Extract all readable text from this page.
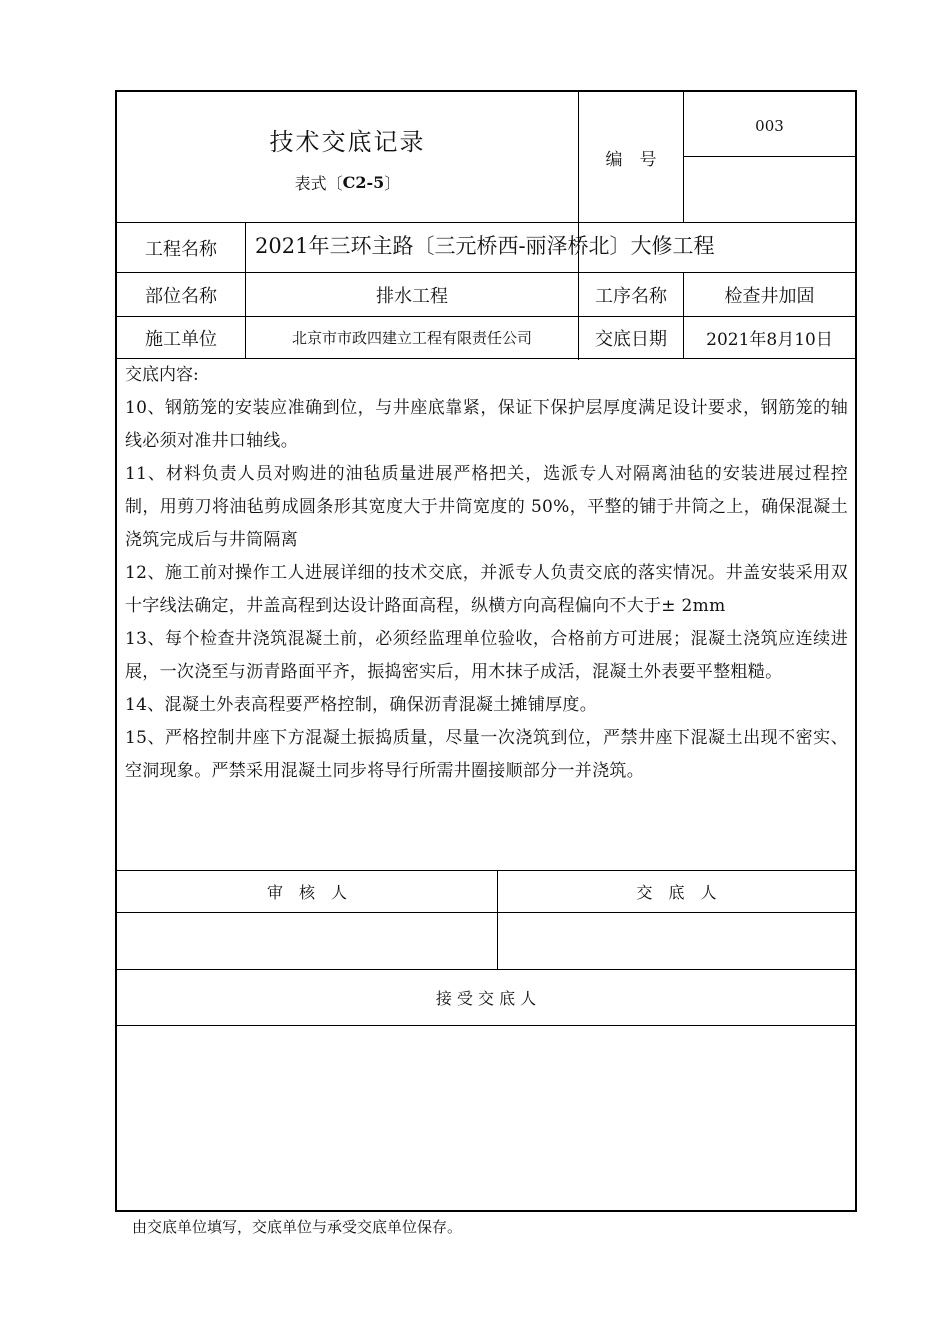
技术交底记录
表式〔 C2-5 〕
编　号
003
工程名称	2021年三环主路〔三元桥西-丽泽桥北〕大修工程
部位名称	排水工程	工序名称	检查井加固
施工单位	北京市市政四建立工程有限责任公司	交底日期	2021年8月10日
交底内容:

10、钢筋笼的安装应准确到位，与井座底靠紧，保证下保护层厚度满足设计要求，钢筋笼的轴线必须对准井口轴线。

11、材料负责人员对购进的油毡质量进展严格把关，选派专人对隔离油毡的安装进展过程控制，用剪刀将油毡剪成圆条形其宽度大于井筒宽度的 50%，平整的铺于井筒之上，确保混凝土浇筑完成后与井筒隔离

12、施工前对操作工人进展详细的技术交底，并派专人负责交底的落实情况。井盖安装采用双十字线法确定，井盖高程到达设计路面高程，纵横方向高程偏向不大于± 2mm

13、每个检查井浇筑混凝土前，必须经监理单位验收，合格前方可进展；混凝土浇筑应连续进展，一次浇至与沥青路面平齐，振捣密实后，用木抹子成活，混凝土外表要平整粗糙。

14、混凝土外表高程要严格控制，确保沥青混凝土摊铺厚度。

15、严格控制井座下方混凝土振捣质量，尽量一次浇筑到位，严禁井座下混凝土出现不密实、空洞现象。严禁采用混凝土同步将导行所需井圈接顺部分一并浇筑。

审　核　人	交　底　人
接 受 交 底 人
由交底单位填写，交底单位与承受交底单位保存。
